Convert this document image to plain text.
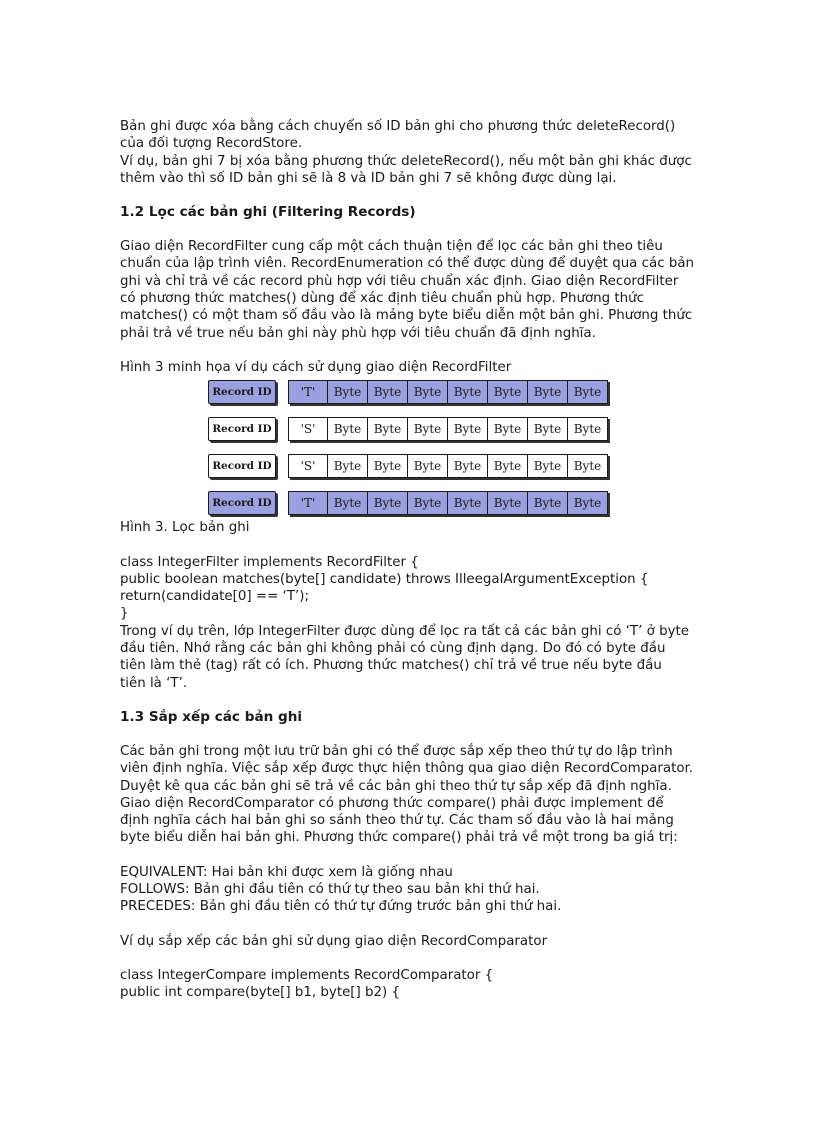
Bản ghi được xóa bằng cách chuyển số ID bản ghi cho phương thức deleteRecord()

của đối tượng RecordStore.

Ví dụ, bản ghi 7 bị xóa bằng phương thức deleteRecord(), nếu một bản ghi khác được

thêm vào thì số ID bản ghi sẽ là 8 và ID bản ghi 7 sẽ không được dùng lại.

1.2 Lọc các bản ghi (Filtering Records)

Giao diện RecordFilter cung cấp một cách thuận tiện để lọc các bản ghi theo tiêu

chuẩn của lập trình viên. RecordEnumeration có thể được dùng để duyệt qua các bản

ghi và chỉ trả về các record phù hợp với tiêu chuẩn xác định. Giao diện RecordFilter

có phương thức matches() dùng để xác định tiêu chuẩn phù hợp. Phương thức

matches() có một tham số đầu vào là mảng byte biểu diễn một bản ghi. Phương thức

phải trả về true nếu bản ghi này phù hợp với tiêu chuẩn đã định nghĩa.

Hình 3 minh họa ví dụ cách sử dụng giao diện RecordFilter

Record ID	'T'	Byte	Byte	Byte	Byte	Byte	Byte	Byte
Record ID	'S'	Byte	Byte	Byte	Byte	Byte	Byte	Byte
Record ID	'S'	Byte	Byte	Byte	Byte	Byte	Byte	Byte
Record ID	'T'	Byte	Byte	Byte	Byte	Byte	Byte	Byte

Hình 3. Lọc bản ghi

class IntegerFilter implements RecordFilter {

public boolean matches(byte[] candidate) throws IlleegalArgumentException {

return(candidate[0] == ‘T’);

}

Trong ví dụ trên, lớp IntegerFilter được dùng để lọc ra tất cả các bản ghi có ‘T’ ở byte

đầu tiên. Nhớ rằng các bản ghi không phải có cùng định dạng. Do đó có byte đầu

tiên làm thẻ (tag) rất có ích. Phương thức matches() chỉ trả về true nếu byte đầu

tiên là ‘T’.

1.3 Sắp xếp các bản ghi

Các bản ghi trong một lưu trữ bản ghi có thể được sắp xếp theo thứ tự do lập trình

viên định nghĩa. Việc sắp xếp được thực hiện thông qua giao diện RecordComparator.

Duyệt kê qua các bản ghi sẽ trả về các bản ghi theo thứ tự sắp xếp đã định nghĩa.

Giao diện RecordComparator có phương thức compare() phải được implement để

định nghĩa cách hai bản ghi so sánh theo thứ tự. Các tham số đầu vào là hai mảng

byte biểu diễn hai bản ghi. Phương thức compare() phải trả về một trong ba giá trị:

EQUIVALENT: Hai bản khi được xem là giống nhau

FOLLOWS: Bản ghi đầu tiên có thứ tự theo sau bản khi thứ hai.

PRECEDES: Bản ghi đầu tiên có thứ tự đứng trước bản ghi thứ hai.

Ví dụ sắp xếp các bản ghi sử dụng giao diện RecordComparator

class IntegerCompare implements RecordComparator {

public int compare(byte[] b1, byte[] b2) {
